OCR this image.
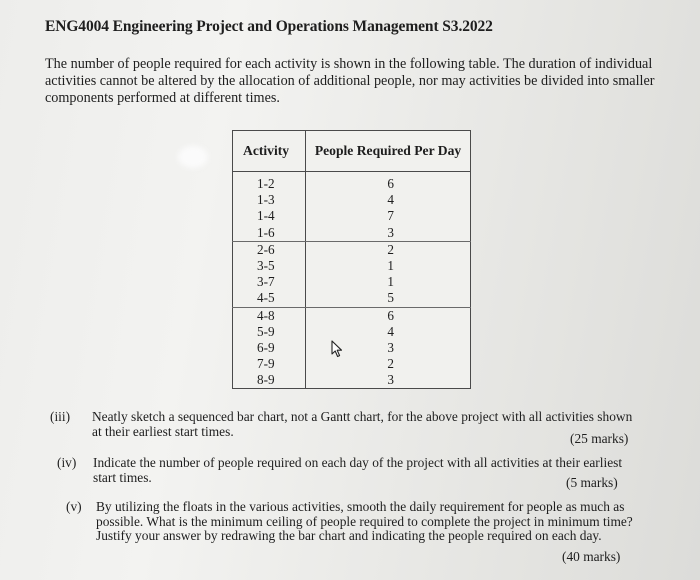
ENG4004 Engineering Project and Operations Management S3.2022
The number of people required for each activity is shown in the following table. The duration of individual activities cannot be altered by the allocation of additional people, nor may activities be divided into smaller components performed at different times.
Activity	People Required Per Day
1-2	6
1-3	4
1-4	7
1-6	3
2-6	2
3-5	1
3-7	1
4-5	5
4-8	6
5-9	4
6-9	3
7-9	2
8-9	3
(iii) Neatly sketch a sequenced bar chart, not a Gantt chart, for the above project with all activities shown
at their earliest start times.	(25 marks)
(iv) Indicate the number of people required on each day of the project with all activities at their earliest
start times.	(5 marks)
(v) By utilizing the floats in the various activities, smooth the daily requirement for people as much as
possible. What is the minimum ceiling of people required to complete the project in minimum time?
Justify your answer by redrawing the bar chart and indicating the people required on each day.
(40 marks)
